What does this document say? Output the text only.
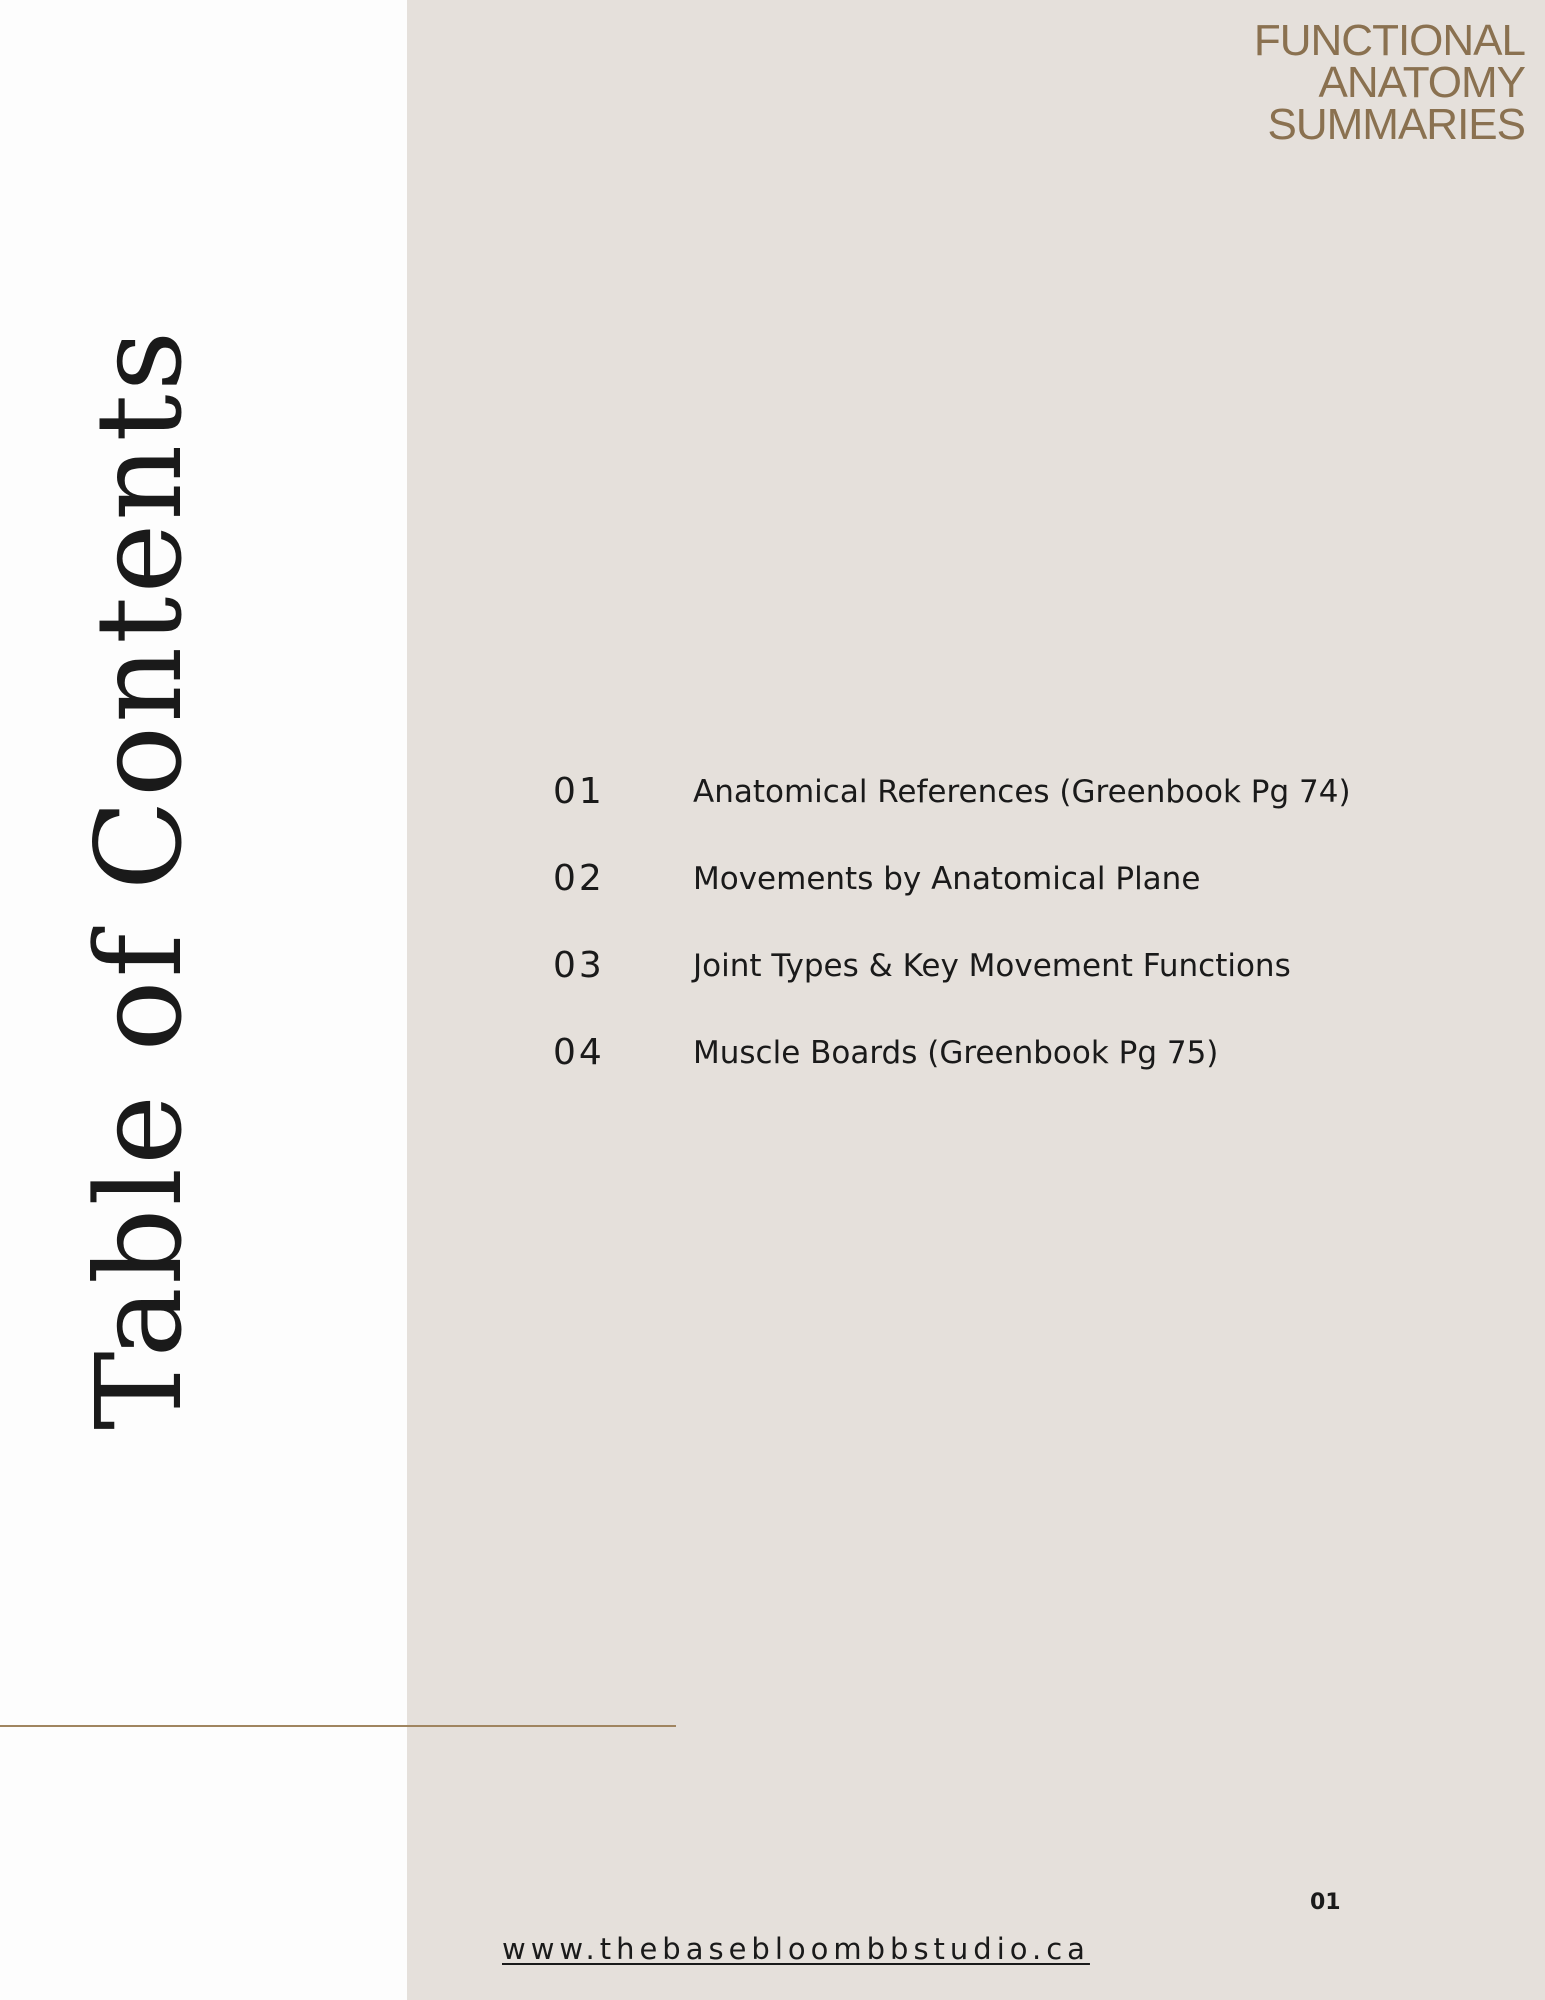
Table of Contents
FUNCTIONAL
ANATOMY
SUMMARIES
01	Anatomical References (Greenbook Pg 74)
02	Movements by Anatomical Plane
03	Joint Types & Key Movement Functions
04	Muscle Boards (Greenbook Pg 75)
01
www.thebasebloombbstudio.ca
